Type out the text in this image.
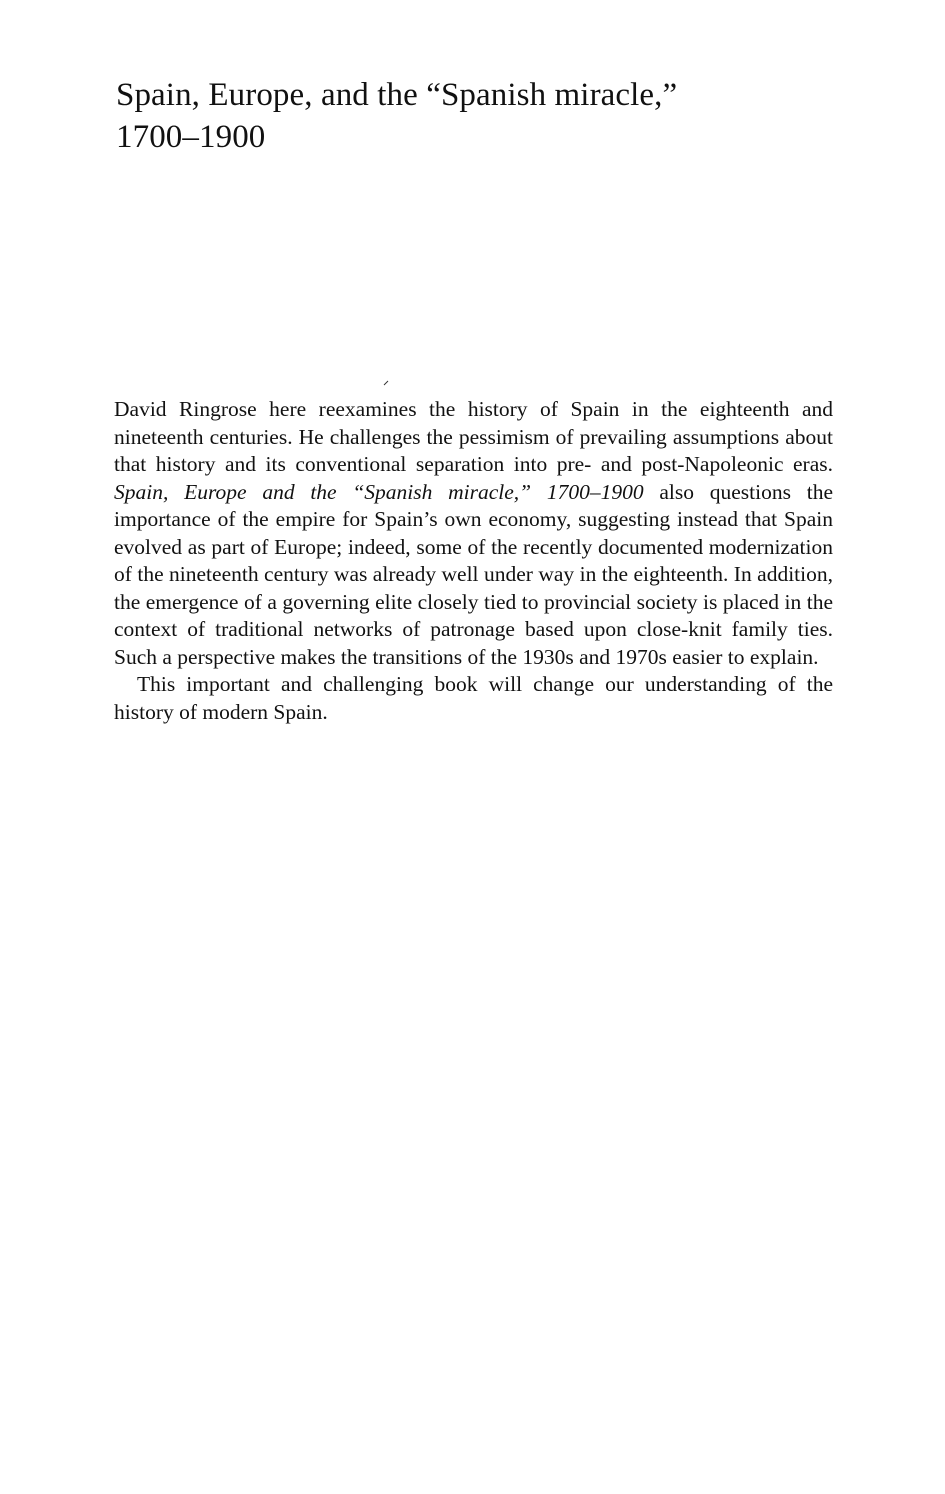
Spain, Europe, and the “Spanish miracle,”
1700–1900

David Ringrose here reexamines the history of Spain in the eighteenth and nineteenth centuries. He challenges the pessimism of prevailing assumptions about that history and its conventional separation into pre- and post-Napoleonic eras. Spain, Europe and the “Spanish miracle,” 1700–1900 also questions the importance of the empire for Spain’s own economy, suggesting instead that Spain evolved as part of Europe; indeed, some of the recently documented modernization of the nineteenth century was already well under way in the eighteenth. In addition, the emergence of a governing elite closely tied to provincial society is placed in the context of traditional networks of patronage based upon close-knit family ties. Such a perspective makes the transitions of the 1930s and 1970s easier to explain.

This important and challenging book will change our understanding of the history of modern Spain.
